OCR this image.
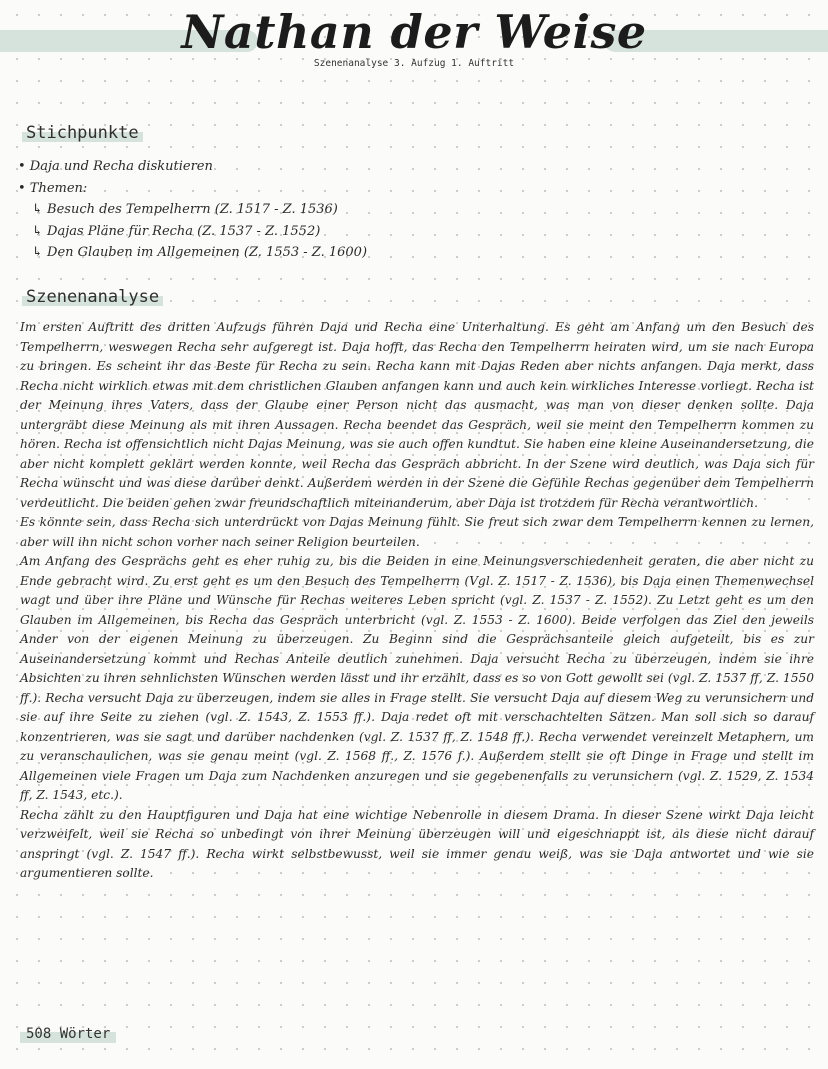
Nathan der Weise
Szenenanalyse 3. Aufzug 1. Auftritt
Stichpunkte
• Daja und Recha diskutieren
• Themen:
↳ Besuch des Tempelherrn (Z. 1517 - Z. 1536)
↳ Dajas Pläne für Recha (Z. 1537 - Z. 1552)
↳ Den Glauben im Allgemeinen (Z. 1553 - Z. 1600)
Szenenanalyse

Im ersten Auftritt des dritten Aufzugs führen Daja und Recha eine Unterhaltung. Es geht am Anfang um den Besuch des Tempelherrn, weswegen Recha sehr aufgeregt ist. Daja hofft, das Recha den Tempelherrn heiraten wird, um sie nach Europa zu bringen. Es scheint ihr das Beste für Recha zu sein. Recha kann mit Dajas Reden aber nichts anfangen. Daja merkt, dass Recha nicht wirklich etwas mit dem christlichen Glauben anfangen kann und auch kein wirkliches Interesse vorliegt. Recha ist der Meinung ihres Vaters, dass der Glaube einer Person nicht das ausmacht, was man von dieser denken sollte. Daja untergräbt diese Meinung als mit ihren Aussagen. Recha beendet das Gespräch, weil sie meint den Tempelherrn kommen zu hören. Recha ist offensichtlich nicht Dajas Meinung, was sie auch offen kundtut. Sie haben eine kleine Auseinandersetzung, die aber nicht komplett geklärt werden konnte, weil Recha das Gespräch abbricht. In der Szene wird deutlich, was Daja sich für Recha wünscht und was diese darüber denkt. Außerdem werden in der Szene die Gefühle Rechas gegenüber dem Tempelherrn verdeutlicht. Die beiden gehen zwar freundschaftlich miteinanderum, aber Daja ist trotzdem für Recha verantwortlich.

Es könnte sein, dass Recha sich unterdrückt von Dajas Meinung fühlt. Sie freut sich zwar dem Tempelherrn kennen zu lernen, aber will ihn nicht schon vorher nach seiner Religion beurteilen.

Am Anfang des Gesprächs geht es eher ruhig zu, bis die Beiden in eine Meinungsverschiedenheit geraten, die aber nicht zu Ende gebracht wird. Zu erst geht es um den Besuch des Tempelherrn (Vgl. Z. 1517 - Z. 1536), bis Daja einen Themenwechsel wagt und über ihre Pläne und Wünsche für Rechas weiteres Leben spricht (vgl. Z. 1537 - Z. 1552). Zu Letzt geht es um den Glauben im Allgemeinen, bis Recha das Gespräch unterbricht (vgl. Z. 1553 - Z. 1600). Beide verfolgen das Ziel den jeweils Ander von der eigenen Meinung zu überzeugen. Zu Beginn sind die Gesprächsanteile gleich aufgeteilt, bis es zur Auseinandersetzung kommt und Rechas Anteile deutlich zunehmen. Daja versucht Recha zu überzeugen, indem sie ihre Absichten zu ihren sehnlichsten Wünschen werden lässt und ihr erzählt, dass es so von Gott gewollt sei (vgl. Z. 1537 ff, Z. 1550 ff.). Recha versucht Daja zu überzeugen, indem sie alles in Frage stellt. Sie versucht Daja auf diesem Weg zu verunsichern und sie auf ihre Seite zu ziehen (vgl. Z. 1543, Z. 1553 ff.). Daja redet oft mit verschachtelten Sätzen. Man soll sich so darauf konzentrieren, was sie sagt und darüber nachdenken (vgl. Z. 1537 ff, Z. 1548 ff.). Recha verwendet vereinzelt Metaphern, um zu veranschaulichen, was sie genau meint (vgl. Z. 1568 ff., Z. 1576 f.). Außerdem stellt sie oft Dinge in Frage und stellt im Allgemeinen viele Fragen um Daja zum Nachdenken anzuregen und sie gegebenenfalls zu verunsichern (vgl. Z. 1529, Z. 1534 ff, Z. 1543, etc.).

Recha zählt zu den Hauptfiguren und Daja hat eine wichtige Nebenrolle in diesem Drama. In dieser Szene wirkt Daja leicht verzweifelt, weil sie Recha so unbedingt von ihrer Meinung überzeugen will und eigeschnappt ist, als diese nicht darauf anspringt (vgl. Z. 1547 ff.). Recha wirkt selbstbewusst, weil sie immer genau weiß, was sie Daja antwortet und wie sie argumentieren sollte.

508 Wörter
